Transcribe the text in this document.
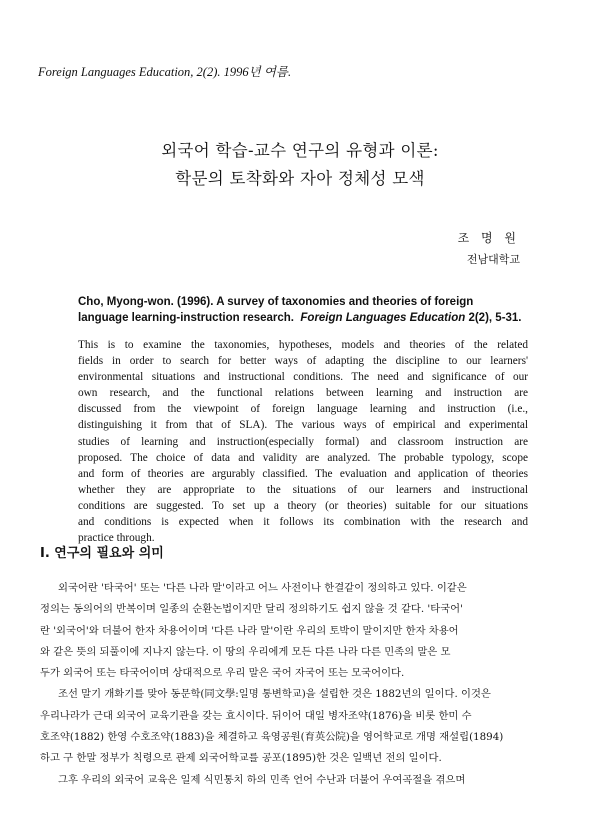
Foreign Languages Education, 2(2). 1996년 여름.
외국어 학습-교수 연구의 유형과 이론:
학문의 토착화와 자아 정체성 모색
조 명 원
전남대학교
Cho, Myong-won. (1996). A survey of taxonomies and theories of foreign
language learning-instruction research. Foreign Languages Education 2(2), 5-31.
This is to examine the taxonomies, hypotheses, models and theories of the related
fields in order to search for better ways of adapting the discipline to our learners'
environmental situations and instructional conditions. The need and significance of our
own research, and the functional relations between learning and instruction are
discussed from the viewpoint of foreign language learning and instruction (i.e.,
distinguishing it from that of SLA). The various ways of empirical and experimental
studies of learning and instruction(especially formal) and classroom instruction are
proposed. The choice of data and validity are analyzed. The probable typology, scope
and form of theories are argurably classified. The evaluation and application of theories
whether they are appropriate to the situations of our learners and instructional
conditions are suggested. To set up a theory (or theories) suitable for our situations
and conditions is expected when it follows its combination with the research and
practice through.
I. 연구의 필요와 의미
외국어란 '타국어' 또는 '다른 나라 말'이라고 어느 사전이나 한결같이 정의하고 있다. 이같은
정의는 동의어의 반복이며 일종의 순환논법이지만 달리 정의하기도 쉽지 않을 것 같다. '타국어'
란 '외국어'와 더불어 한자 차용어이며 '다른 나라 말'이란 우리의 토박이 말이지만 한자 차용어
와 같은 뜻의 되풀이에 지나지 않는다. 이 땅의 우리에게 모든 다른 나라 다른 민족의 말은 모
두가 외국어 또는 타국어이며 상대적으로 우리 말은 국어 자국어 또는 모국어이다.
조선 말기 개화기를 맞아 동문학(同文學:일명 통변학교)을 설립한 것은 1882년의 일이다. 이것은
우리나라가 근대 외국어 교육기관을 갖는 효시이다. 뒤이어 대일 병자조약(1876)을 비롯 한미 수
호조약(1882) 한영 수호조약(1883)을 체결하고 육영공원(育英公院)을 영어학교로 개명 재설립(1894)
하고 구 한말 정부가 칙령으로 관제 외국어학교를 공포(1895)한 것은 일백년 전의 일이다.
그후 우리의 외국어 교육은 일제 식민통치 하의 민족 언어 수난과 더불어 우여곡절을 겪으며
